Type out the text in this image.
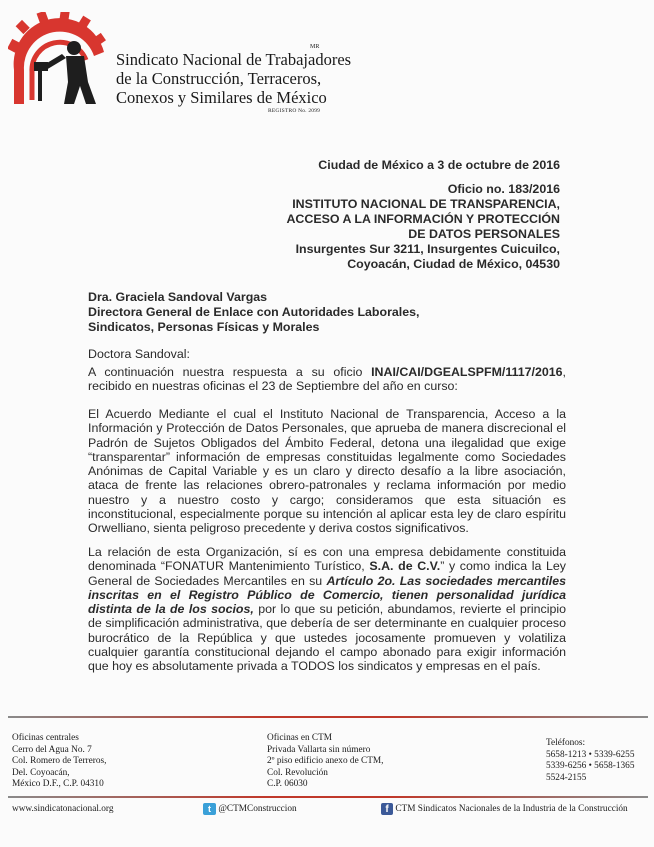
MR
Sindicato Nacional de Trabajadores
de la Construcción, Terraceros,
Conexos y Similares de México
REGISTRO No. 2099
Ciudad de México a 3 de octubre de 2016
Oficio no. 183/2016
INSTITUTO NACIONAL DE TRANSPARENCIA,
ACCESO A LA INFORMACIÓN Y PROTECCIÓN
DE DATOS PERSONALES
Insurgentes Sur 3211, Insurgentes Cuicuilco,
Coyoacán, Ciudad de México, 04530
Dra. Graciela Sandoval Vargas
Directora General de Enlace con Autoridades Laborales,
Sindicatos, Personas Físicas y Morales
Doctora Sandoval:

A continuación nuestra respuesta a su oficio INAI/CAI/DGEALSPFM/1117/2016, recibido en nuestras oficinas el 23 de Septiembre del año en curso:

El Acuerdo Mediante el cual el Instituto Nacional de Transparencia, Acceso a la Información y Protección de Datos Personales, que aprueba de manera discrecional el Padrón de Sujetos Obligados del Ámbito Federal, detona una ilegalidad que exige “transparentar” información de empresas constituidas legalmente como Sociedades Anónimas de Capital Variable y es un claro y directo desafío a la libre asociación, ataca de frente las relaciones obrero-patronales y reclama información por medio nuestro y a nuestro costo y cargo; consideramos que esta situación es inconstitucional, especialmente porque su intención al aplicar esta ley de claro espíritu Orwelliano, sienta peligroso precedente y deriva costos significativos.

La relación de esta Organización, sí es con una empresa debidamente constituida denominada “FONATUR Mantenimiento Turístico, S.A. de C.V.” y como indica la Ley General de Sociedades Mercantiles en su Artículo 2o. Las sociedades mercantiles inscritas en el Registro Público de Comercio, tienen personalidad jurídica distinta de la de los socios, por lo que su petición, abundamos, revierte el principio de simplificación administrativa, que debería de ser determinante en cualquier proceso burocrático de la República y que ustedes jocosamente promueven y volatiliza cualquier garantía constitucional dejando el campo abonado para exigir información que hoy es absolutamente privada a TODOS los sindicatos y empresas en el país.

Oficinas centrales
Cerro del Agua No. 7
Col. Romero de Terreros,
Del. Coyoacán,
México D.F., C.P. 04310
Oficinas en CTM
Privada Vallarta sin número
2º piso edificio anexo de CTM,
Col. Revolución
C.P. 06030
Teléfonos:
5658-1213 • 5339-6255
5339-6256 • 5658-1365
5524-2155
www.sindicatonacional.org	t @CTMConstruccion	f CTM Sindicatos Nacionales de la Industria de la Construcción
